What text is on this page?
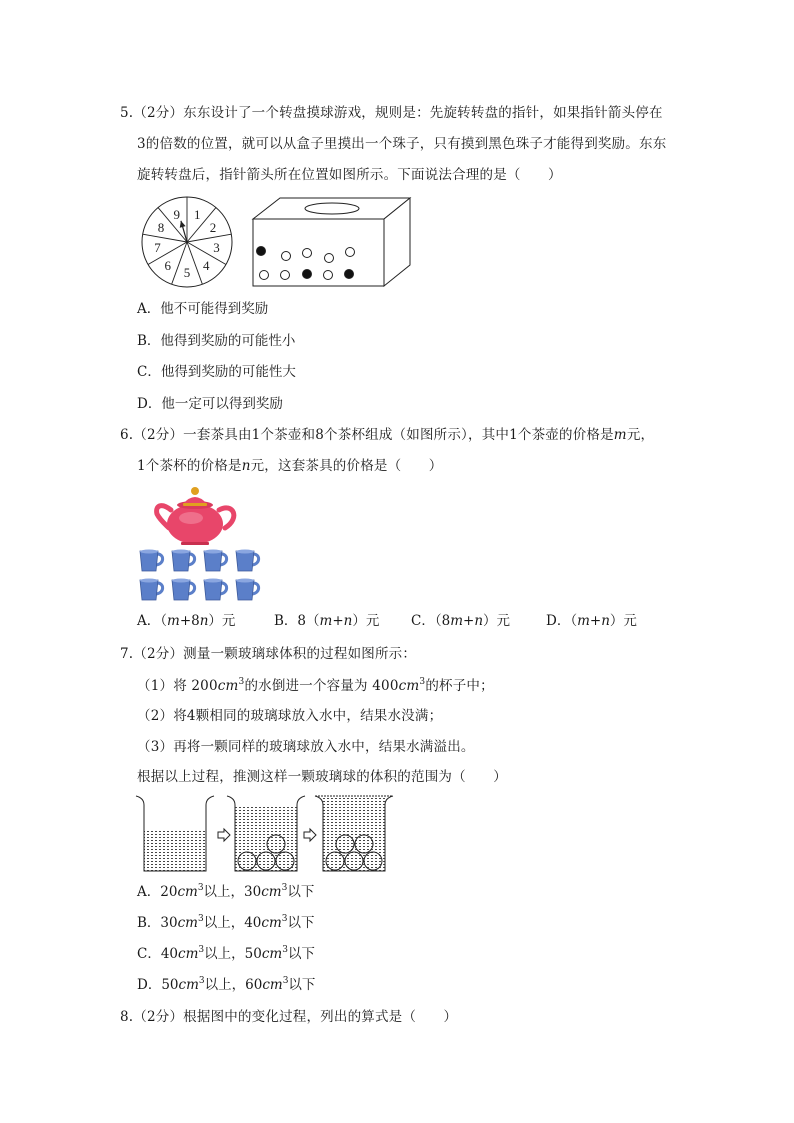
5.（2分）东东设计了一个转盘摸球游戏，规则是：先旋转转盘的指针，如果指针箭头停在
3的倍数的位置，就可以从盒子里摸出一个珠子，只有摸到黑色珠子才能得到奖励。东东
旋转转盘后，指针箭头所在位置如图所示。下面说法合理的是（　　）
1
2
3
4
5
6
7
8
9
A．他不可能得到奖励
B．他得到奖励的可能性小
C．他得到奖励的可能性大
D．他一定可以得到奖励
6.（2分）一套茶具由1个茶壶和8个茶杯组成（如图所示），其中1个茶壶的价格是m元，
1个茶杯的价格是n元，这套茶具的价格是（　　）
A．（m+8n）元	B．8（m+n）元 C．（8m+n）元	D．（m+n）元
7.（2分）测量一颗玻璃球体积的过程如图所示：
（1）将 $200cm^3$的水倒进一个容量为 $400cm^3$的杯子中；
（2）将4颗相同的玻璃球放入水中，结果水没满；
（3）再将一颗同样的玻璃球放入水中，结果水满溢出。
根据以上过程，推测这样一颗玻璃球的体积的范围为（　　）
A．$20cm^3$以上，$30cm^3$以下
B．$30cm^3$以上，$40cm^3$以下
C．$40cm^3$以上，$50cm^3$以下
D．$50cm^3$以上，$60cm^3$以下
8.（2分）根据图中的变化过程，列出的算式是（　　）
